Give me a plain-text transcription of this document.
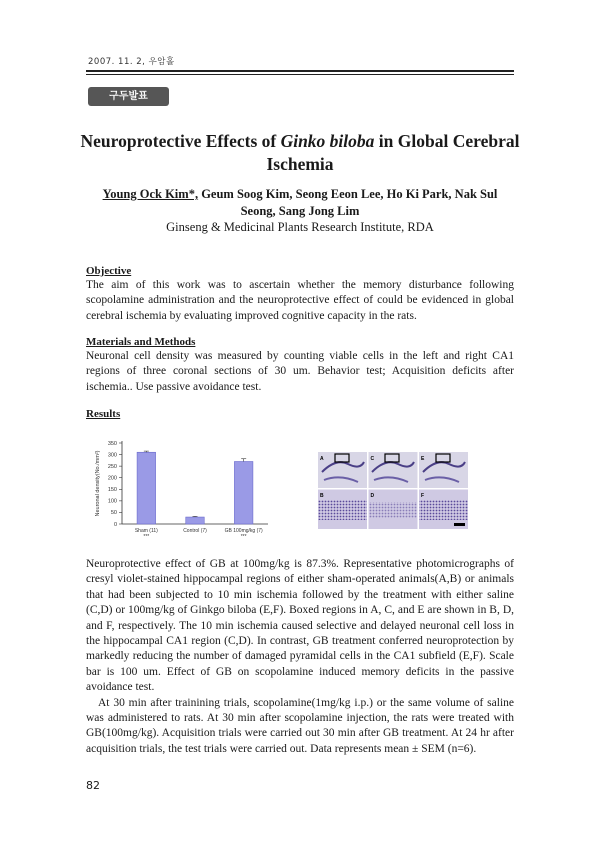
2007. 11. 2, 우암홀
구두발표
Neuroprotective Effects of Ginko biloba in Global Cerebral Ischemia
Young Ock Kim*, Geum Soog Kim, Seong Eeon Lee, Ho Ki Park, Nak Sul Seong, Sang Jong Lim
Ginseng & Medicinal Plants Research Institute, RDA
Objective

The aim of this work was to ascertain whether the memory disturbance following scopolamine administration and the neuroprotective effect of could be evidenced in global cerebral ischemia by evaluating improved cognitive capacity in the rats.

Materials and Methods

Neuronal cell density was measured by counting viable cells in the left and right CA1 regions of three coronal sections of 30 um. Behavior test; Acquisition deficits after ischemia.. Use passive avoidance test.

Results
0
50
100
150
200
250
300
350
Neuronal density(No./mm²)
Sham (11)
***
Control (7)	GB 100mg/kg (7)
***
A	C	E
B	D	F

Neuroprotective effect of GB at 100mg/kg is 87.3%. Representative photomicrographs of cresyl violet-stained hippocampal regions of either sham-operated animals(A,B) or animals that had been subjected to 10 min ischemia followed by the treatment with either saline (C,D) or 100mg/kg of Ginkgo biloba (E,F). Boxed regions in A, C, and E are shown in B, D, and F, respectively. The 10 min ischemia caused selective and delayed neuronal cell loss in the hippocampal CA1 region (C,D). In contrast, GB treatment conferred neuroprotection by markedly reducing the number of damaged pyramidal cells in the CA1 subfield (E,F). Scale bar is 100 um. Effect of GB on scopolamine induced memory deficits in the passive avoidance test.

At 30 min after trainining trials, scopolamine(1mg/kg i.p.) or the same volume of saline was administered to rats. At 30 min after scopolamine injection, the rats were treated with GB(100mg/kg). Acquisition trials were carried out 30 min after GB treatment. At 24 hr after acquisition trials, the test trials were carried out. Data represents mean ± SEM (n=6).

82
